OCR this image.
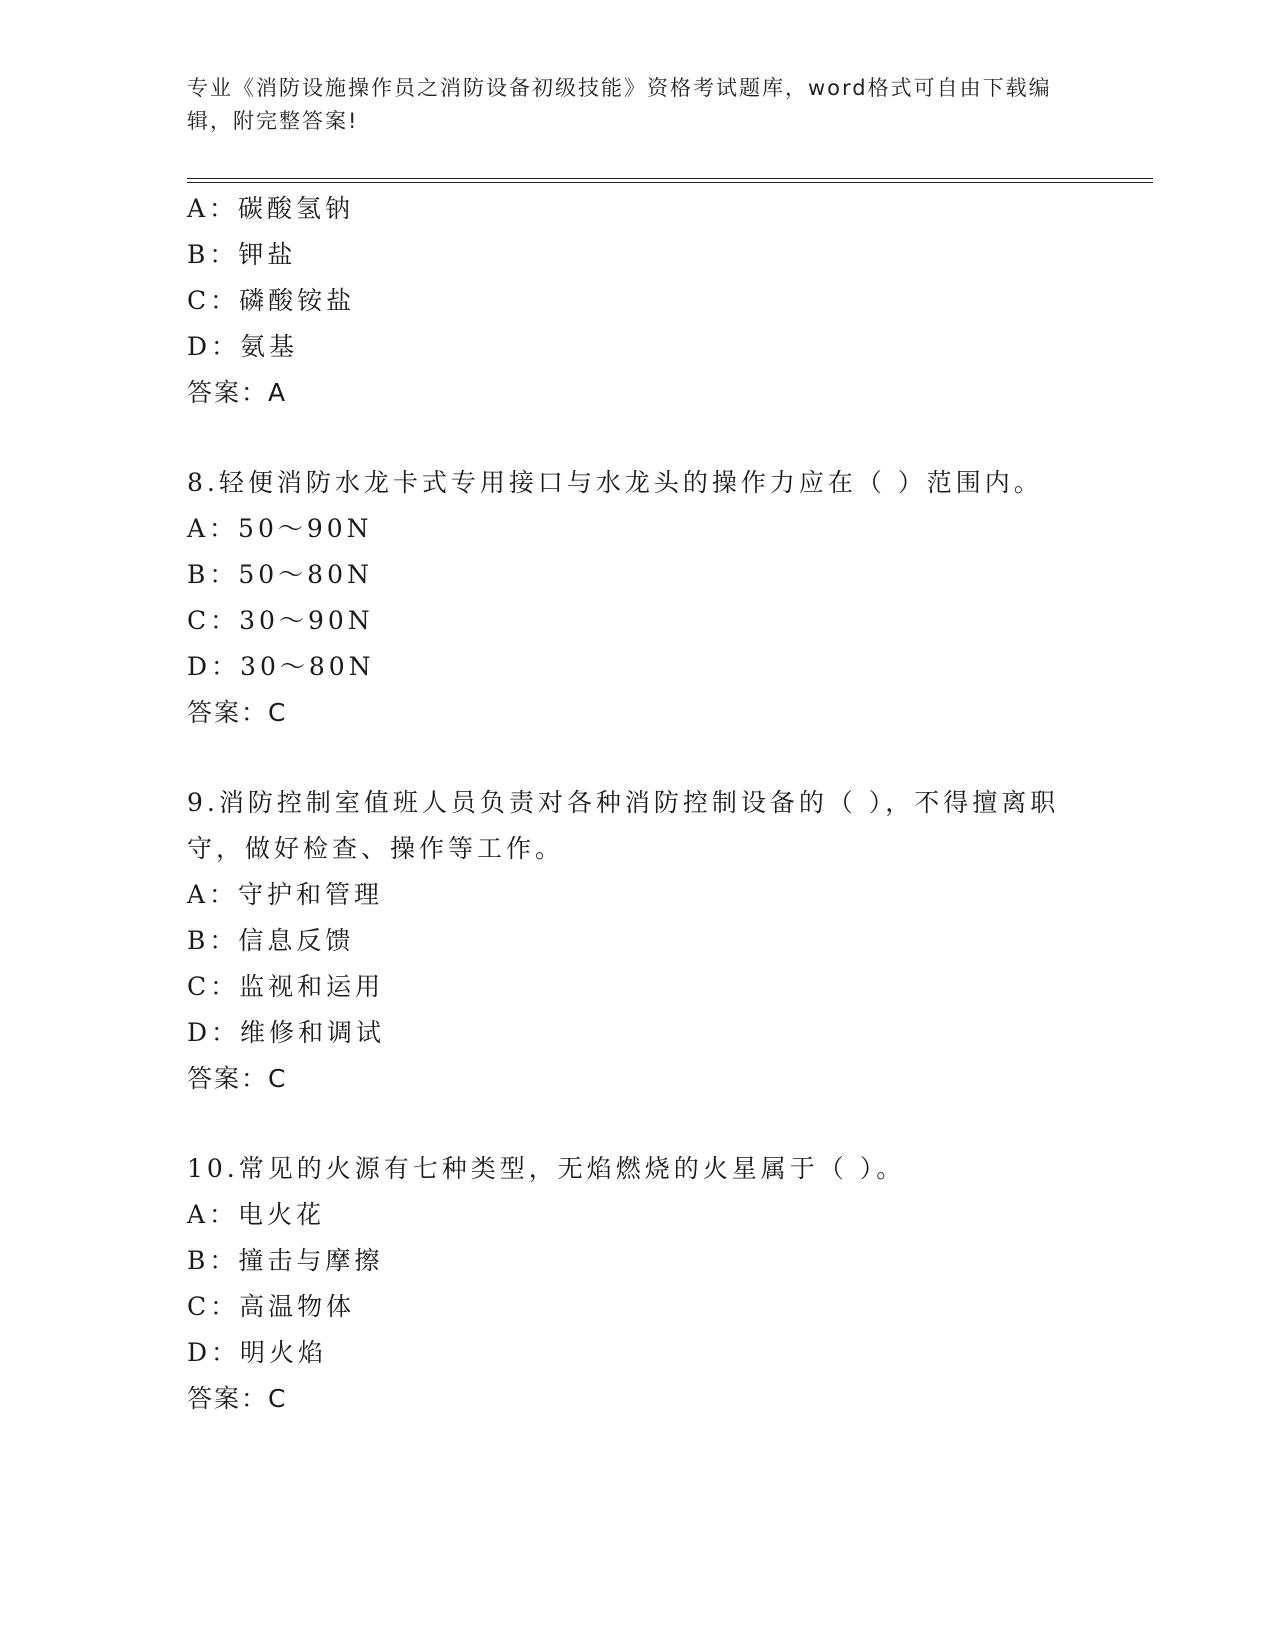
专业《消防设施操作员之消防设备初级技能》资格考试题库，word格式可自由下载编辑，附完整答案!
A：碳酸氢钠
B：钾盐
C：磷酸铵盐
D：氨基
答案：A
8.轻便消防水龙卡式专用接口与水龙头的操作力应在（ ）范围内。
A：50～90N
B：50～80N
C：30～90N
D：30～80N
答案：C
9.消防控制室值班人员负责对各种消防控制设备的（ ），不得擅离职守，做好检查、操作等工作。
A：守护和管理
B：信息反馈
C：监视和运用
D：维修和调试
答案：C
10.常见的火源有七种类型，无焰燃烧的火星属于（ ）。
A：电火花
B：撞击与摩擦
C：高温物体
D：明火焰
答案：C
